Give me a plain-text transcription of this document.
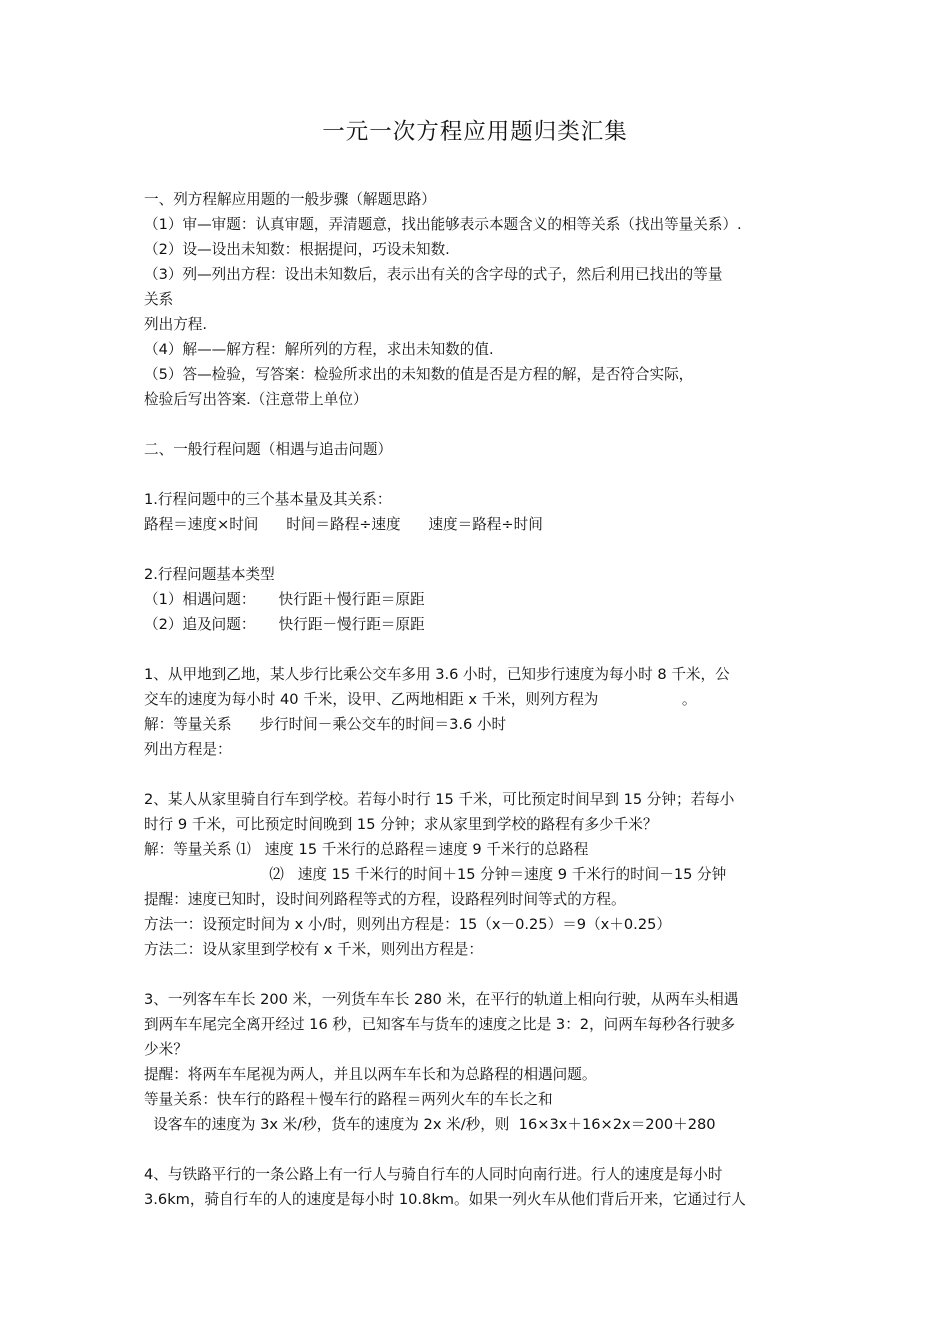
一元一次方程应用题归类汇集
一、列方程解应用题的一般步骤（解题思路）
（1）审—审题：认真审题，弄清题意，找出能够表示本题含义的相等关系（找出等量关系）.
（2）设—设出未知数：根据提问，巧设未知数.
（3）列—列出方程：设出未知数后，表示出有关的含字母的式子，然后利用已找出的等量
关系
列出方程.
（4）解——解方程：解所列的方程，求出未知数的值.
（5）答—检验，写答案：检验所求出的未知数的值是否是方程的解，是否符合实际，
检验后写出答案.（注意带上单位）
二、一般行程问题（相遇与追击问题）
1.行程问题中的三个基本量及其关系：
路程＝速度×时间      时间＝路程÷速度      速度＝路程÷时间
2.行程问题基本类型
（1）相遇问题：     快行距＋慢行距＝原距
（2）追及问题：     快行距－慢行距＝原距
1、从甲地到乙地，某人步行比乘公交车多用 3.6 小时，已知步行速度为每小时 8 千米，公
交车的速度为每小时 40 千米，设甲、乙两地相距 x 千米，则列方程为                  。
解：等量关系      步行时间－乘公交车的时间＝3.6 小时
列出方程是：
2、某人从家里骑自行车到学校。若每小时行 15 千米，可比预定时间早到 15 分钟；若每小
时行 9 千米，可比预定时间晚到 15 分钟；求从家里到学校的路程有多少千米？
解：等量关系 ⑴   速度 15 千米行的总路程＝速度 9 千米行的总路程
⑵   速度 15 千米行的时间＋15 分钟＝速度 9 千米行的时间－15 分钟
提醒：速度已知时，设时间列路程等式的方程，设路程列时间等式的方程。
方法一：设预定时间为 x 小/时，则列出方程是：15（x－0.25）＝9（x＋0.25）
方法二：设从家里到学校有 x 千米，则列出方程是：
3、一列客车车长 200 米，一列货车车长 280 米，在平行的轨道上相向行驶，从两车头相遇
到两车车尾完全离开经过 16 秒，已知客车与货车的速度之比是 3：2，问两车每秒各行驶多
少米？
提醒：将两车车尾视为两人，并且以两车车长和为总路程的相遇问题。
等量关系：快车行的路程＋慢车行的路程＝两列火车的车长之和
设客车的速度为 3x 米/秒，货车的速度为 2x 米/秒，则  16×3x＋16×2x＝200＋280
4、与铁路平行的一条公路上有一行人与骑自行车的人同时向南行进。行人的速度是每小时
3.6km，骑自行车的人的速度是每小时 10.8km。如果一列火车从他们背后开来，它通过行人
